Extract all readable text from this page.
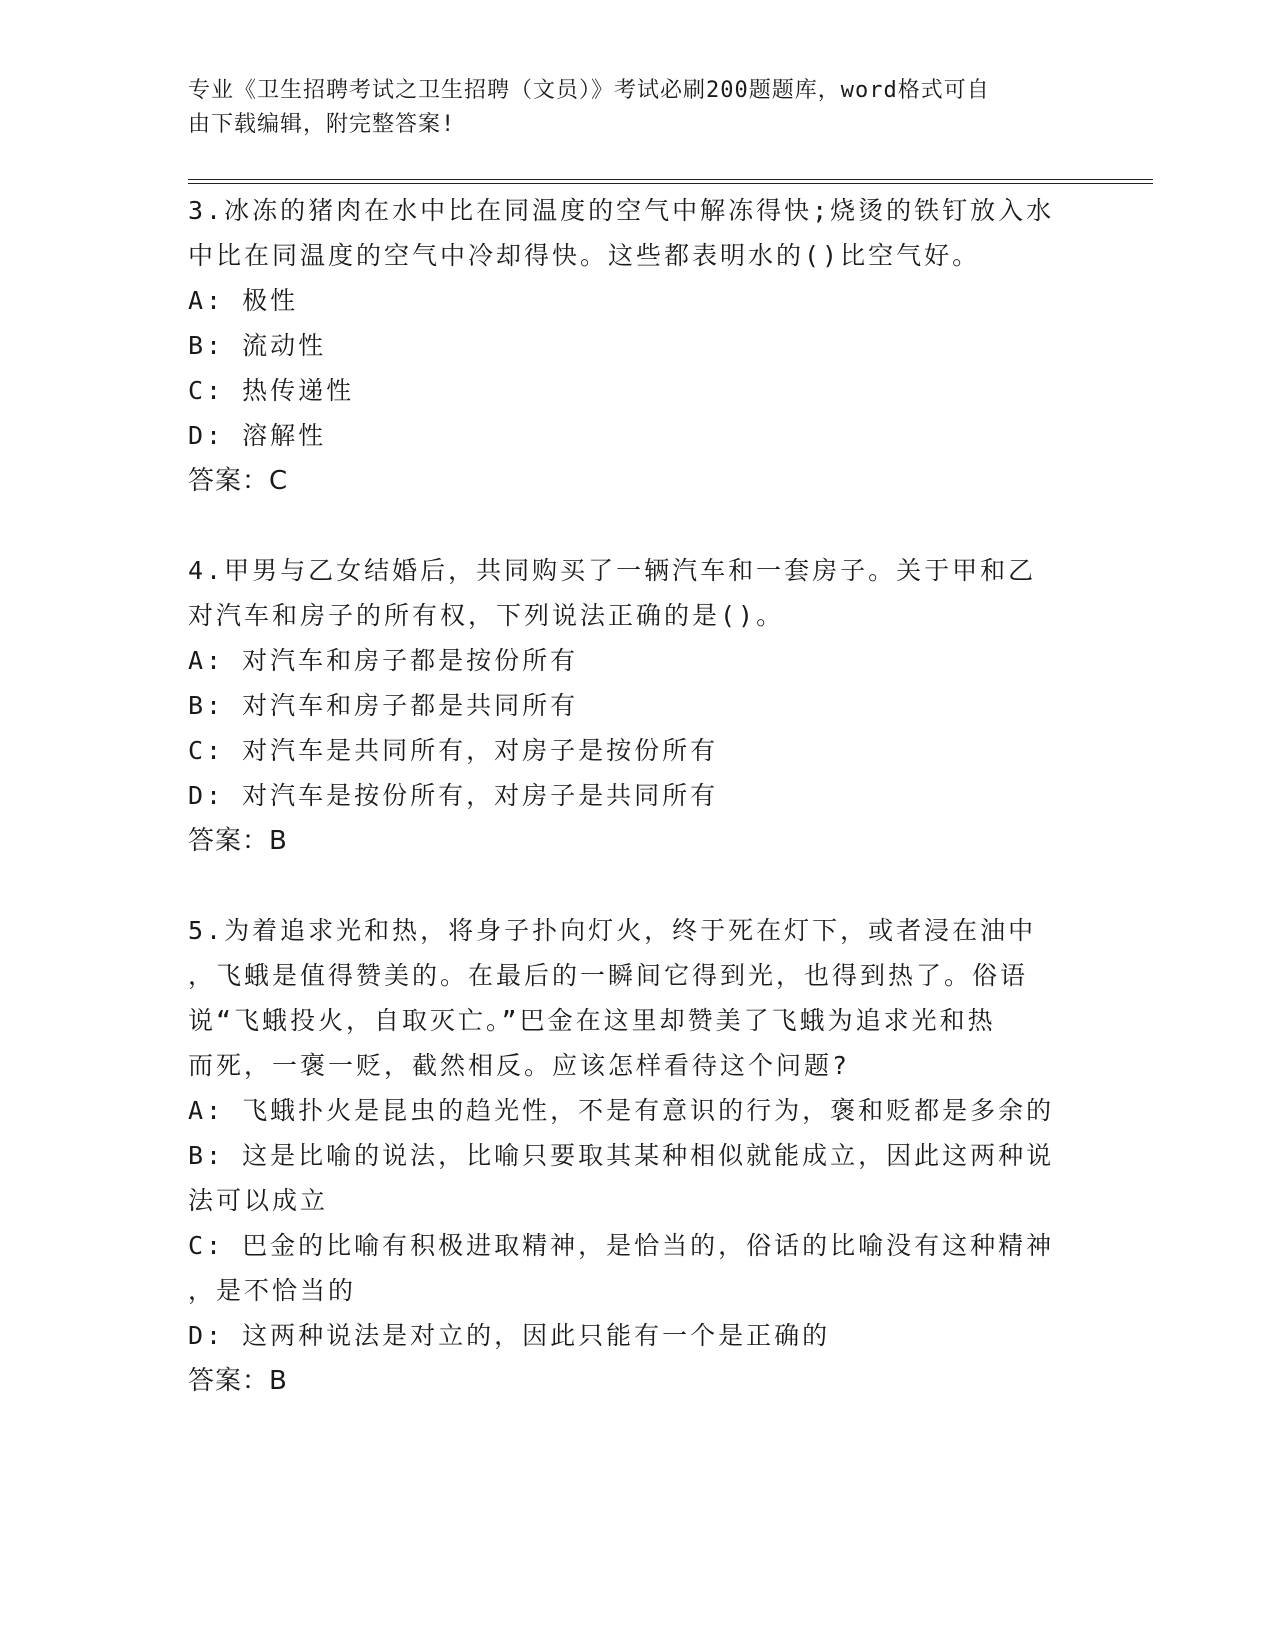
专业《卫生招聘考试之卫生招聘（文员）》考试必刷200题题库，word格式可自
由下载编辑，附完整答案!
3.冰冻的猪肉在水中比在同温度的空气中解冻得快;烧烫的铁钉放入水
中比在同温度的空气中冷却得快。这些都表明水的()比空气好。
A: 极性
B: 流动性
C: 热传递性
D: 溶解性
答案：C
4.甲男与乙女结婚后，共同购买了一辆汽车和一套房子。关于甲和乙
对汽车和房子的所有权，下列说法正确的是()。
A: 对汽车和房子都是按份所有
B: 对汽车和房子都是共同所有
C: 对汽车是共同所有，对房子是按份所有
D: 对汽车是按份所有，对房子是共同所有
答案：B
5.为着追求光和热，将身子扑向灯火，终于死在灯下，或者浸在油中
，飞蛾是值得赞美的。在最后的一瞬间它得到光，也得到热了。俗语
说“飞蛾投火，自取灭亡。”巴金在这里却赞美了飞蛾为追求光和热
而死，一褒一贬，截然相反。应该怎样看待这个问题?
A: 飞蛾扑火是昆虫的趋光性，不是有意识的行为，褒和贬都是多余的
B: 这是比喻的说法，比喻只要取其某种相似就能成立，因此这两种说
法可以成立
C: 巴金的比喻有积极进取精神，是恰当的，俗话的比喻没有这种精神
，是不恰当的
D: 这两种说法是对立的，因此只能有一个是正确的
答案：B
